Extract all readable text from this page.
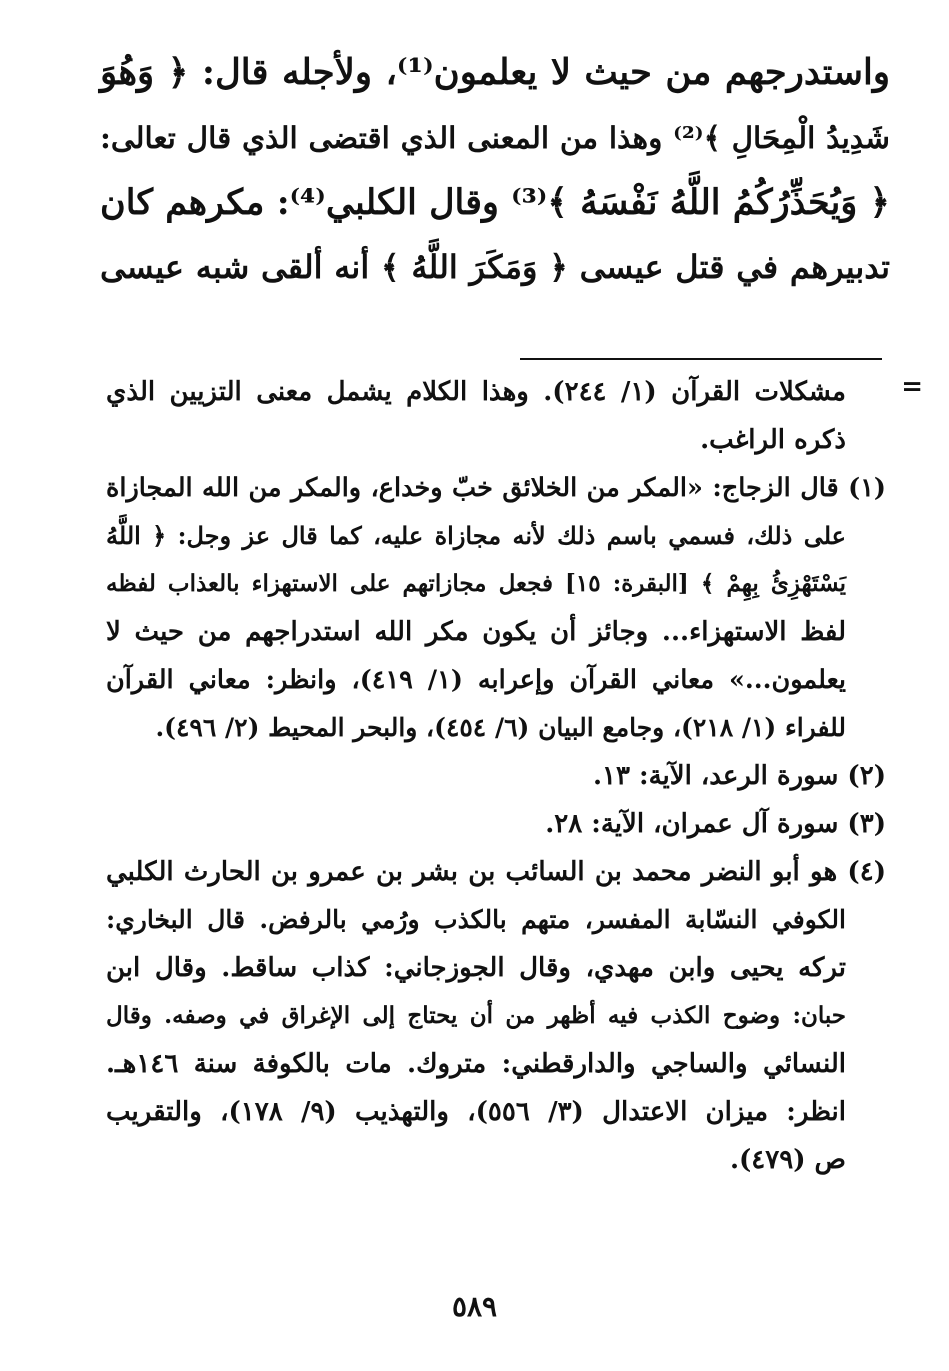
واستدرجهم من حيث لا يعلمون⁽¹⁾، ولأجله قال: ﴿ وَهُوَ
شَدِيدُ الْمِحَالِ ﴾⁽²⁾ وهذا من المعنى الذي اقتضى الذي قال تعالى:
﴿ وَيُحَذِّرُكُمُ اللَّهُ نَفْسَهُ ﴾⁽³⁾ وقال الكلبي⁽⁴⁾: مكرهم كان
تدبيرهم في قتل عيسى ﴿ وَمَكَرَ اللَّهُ ﴾ أنه ألقى شبه عيسى
=
مشكلات القرآن (١/ ٢٤٤). وهذا الكلام يشمل معنى التزيين الذي
ذكره الراغب.
(١) قال الزجاج: «المكر من الخلائق خبّ وخداع، والمكر من الله المجازاة
على ذلك، فسمي باسم ذلك لأنه مجازاة عليه، كما قال عز وجل: ﴿ اللَّهُ
يَسْتَهْزِئُ بِهِمْ ﴾ [البقرة: ١٥] فجعل مجازاتهم على الاستهزاء بالعذاب لفظه
لفظ الاستهزاء... وجائز أن يكون مكر الله استدراجهم من حيث لا
يعلمون...» معاني القرآن وإعرابه (١/ ٤١٩)، وانظر: معاني القرآن
للفراء (١/ ٢١٨)، وجامع البيان (٦/ ٤٥٤)، والبحر المحيط (٢/ ٤٩٦).
(٢) سورة الرعد، الآية: ١٣.
(٣) سورة آل عمران، الآية: ٢٨.
(٤) هو أبو النضر محمد بن السائب بن بشر بن عمرو بن الحارث الكلبي
الكوفي النسّابة المفسر، متهم بالكذب ورُمي بالرفض. قال البخاري:
تركه يحيى وابن مهدي، وقال الجوزجاني: كذاب ساقط. وقال ابن
حبان: وضوح الكذب فيه أظهر من أن يحتاج إلى الإغراق في وصفه. وقال
النسائي والساجي والدارقطني: متروك. مات بالكوفة سنة ١٤٦هـ.
انظر: ميزان الاعتدال (٣/ ٥٥٦)، والتهذيب (٩/ ١٧٨)، والتقريب
ص (٤٧٩).
٥٨٩
